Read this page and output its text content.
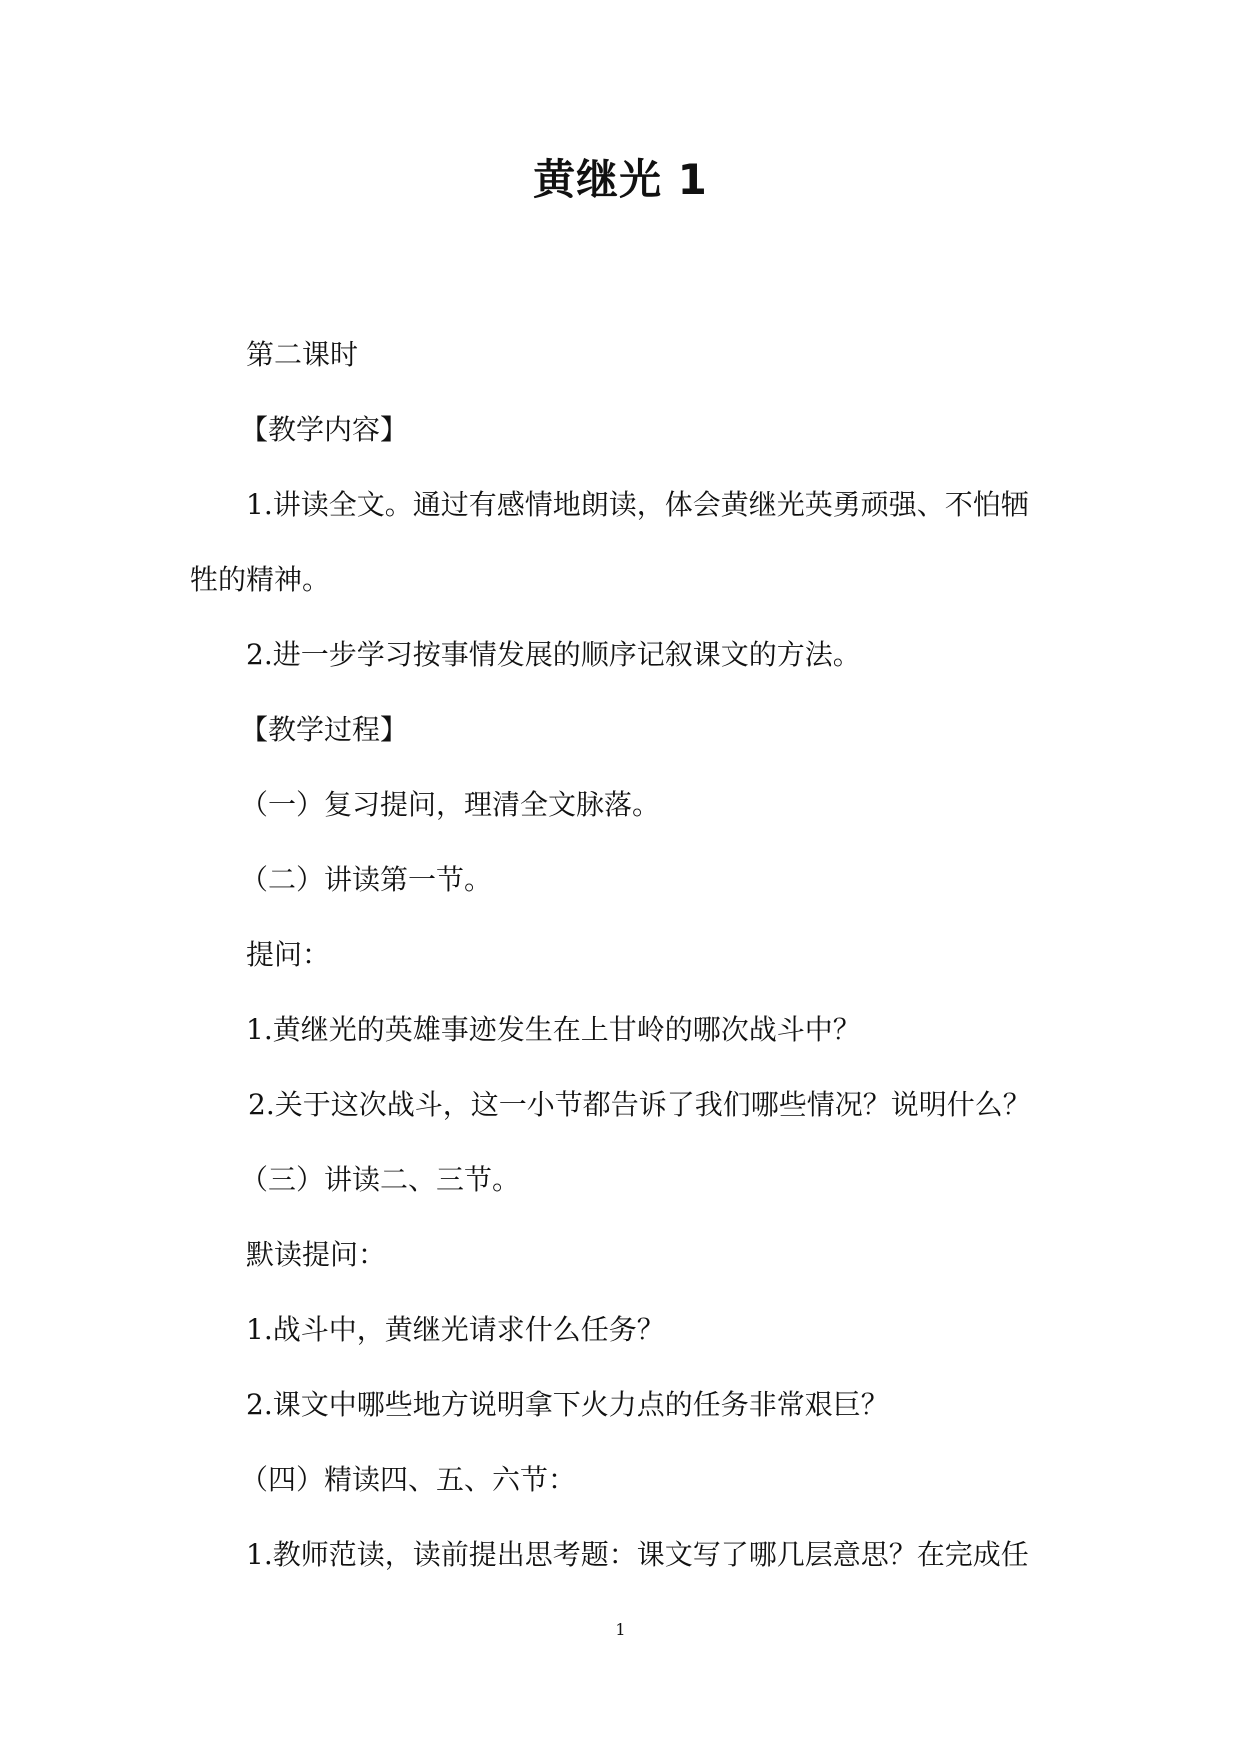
黄继光 1
第二课时
【教学内容】
1.讲读全文。通过有感情地朗读，体会黄继光英勇顽强、不怕牺
牲的精神。
2.进一步学习按事情发展的顺序记叙课文的方法。
【教学过程】
（一）复习提问，理清全文脉落。
（二）讲读第一节。
提问：
1.黄继光的英雄事迹发生在上甘岭的哪次战斗中？
2.关于这次战斗，这一小节都告诉了我们哪些情况？说明什么？
（三）讲读二、三节。
默读提问：
1.战斗中，黄继光请求什么任务？
2.课文中哪些地方说明拿下火力点的任务非常艰巨？
（四）精读四、五、六节：
1.教师范读，读前提出思考题：课文写了哪几层意思？在完成任
1
